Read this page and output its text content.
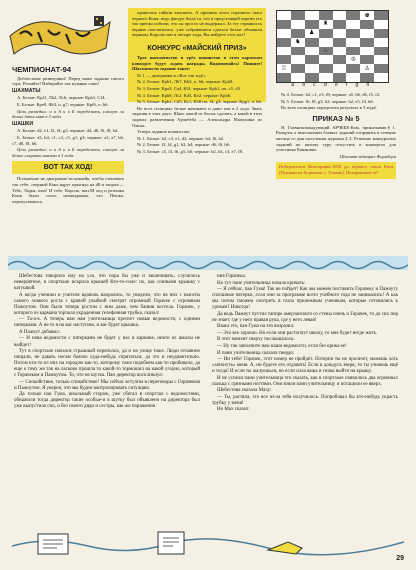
ЧЕМПИОНАТ-94

Доблестные разведчики! Перед вами задание пятого тура. Решайте! Набирайте так нужные очки!

ШАХМАТЫ

А. Белые: Крf1, Лb2, Лс6; черные: Крh1, Сf4.

Б. Белые: Кре8, Фf4, п. g7; черные: Крf6, п. b6.

Цель разведки: и в А и в Б определить, смогут ли белые дать мат в 3 хода.

ШАШКИ

А. Белые: d2, e1, f2, f4, g3; черные: d4, d6, f6, f8, h4.

Б. Белые: а5, b4, с1, с3, с5, g1, g3; черные: а3, а7, b6, с7, d8, f8, h6.

Цель разведки: и в А и в Б определить, смогут ли белые сыграть вничью в 3 хода.

ВОТ ТАК ХОД!

Положение не диаграмме-полуянейк, чтобы отвоевать так себе: «черный Конь вдруг прыгнул на d8 и заорал:— Тебе, Ладья, шах! И тебе, Король, шах!И ход и реплика Коня были столь неожиданны, что Пешка, перепугавшись,

правилась тайком хихикать. А причина этого странного шага черного Коня: ведь фигуре была та, что в предстоящей партии его так крепко побили, что он просто не выдержал. За эту странность черные поплатились: уже собравшиеся сдаться белые объявили черному Королю мат в четыре хода. Вы найдете этот мат?

КОНКУРС «МАЙСКИЙ ПРИЗ»

Трех шахматистов в трёх шашистов в этом коротком конкурсе будут ждать награды. Вадимичайсь! Пишите! Шахматисти задание такое:

№ 1 — диаграмма к «Вот так ход!»

№ 2. Белые: Крh1, Лh7, Кh3, п. h6; черные: Крh8.

№ 3. Белые: Крa3, Сa4, Кf2; черные: Крb1, пп. c5, d3.

№ 4. Белые: Крh8, Лc2, Кd3, Кe2; черные: Крh6.

№ 5. Белые: Крb2, Cd5, Кс1, Кh8 пп. f4, g3; черные: Крg1, п. h6.

Во всех позициях белые начинают и дают мат в 2 хода. Звать задания в этих двух: Шаш, какой из белых сделать, а какой в этих задачах развлечения Арчибеба — Александра Мажукина из Омска.

Теперь задание шашистам:

№ 1. Белые: b2, c3, e1, d2; черные: b4, f6, h2.

№ 2. Белые: f2, f4, g1, h2, h4; черные: d6, f6, h6.

№ 3. Белые: c5, f4, f6, g5, h6; черные: b2, b4, c3, e7, f8.

♚
♜
♟
♞
♔
♖	♙
♘
a b c d e f g h

№ 4. Белые: b2, с1, е3, f8; черные: а5, b6, d6, f5, f2.

№ 5. Белые: f6, f8, g3, h2; черные: b2, е5, f4, h6.

Во всех позициях определить результат в 3 хода!

ПРИКАЗ № 5

Я, Главнокомандующий АРЧЕБЕ-Ком, приказываю:§ 1. Рапорты о выполнении боевых заданий отправить в течение месяца со дня получения журнала.§ 2. Решение конкурсных заданий по пятому туру отпустить в конвертах для участника Кашковке.

Шахмат-адмирал Форнберн

Победителем Викторины-1000 до первого этапа Катя (Пушкин из Хорватии, г. Усмань). Поздравляем её!

Шебестова говорила ему на ухо, что пора бы уже и заканчивать, случилось невероятное, в спортзале искрила крышей Кто-то-силе: их, как сонными крышку с катушкой.

А когда ученики и учителя вдоволь наорались, то увидели, что на них с высоты самого ловкого роста с кривой улыбкой смотрят огромный Горачек с огромным Пажоутом. Они были теперь ростом с ним даже, чем башня костела. Горачек, у которого из кармана торчала украденная телефонная трубка, сказал:

— Та-а-к. А теперь нам нам учительница прочтет новые ведомости, с одними пятерками. А не то я на вас наступлю, и вас будет крышка.

А Пажоут добавил:

— И нова ведомости с пятерками не будет у нас в кармане, никто из школы не выйдет!

Тут в спортзале начался страшный переполох, да и на улице тоже. Люди отчаянно пищали, не давать ногам боязно куда-нибудь спрятаться, да это и неудивительно. Потом кто-то из них на городом как-то, которому тоже подобием как-то пробивало, да еще к тому же так на ласково прошла то какой-то тормошил на какой угодно, который с Горачеком и Пажоутом. То, что не шутка. Пан директор воскликнул:

— Спокойствие, только спокойствие! Мы сейчас вступим в переговоры с Горачеком и Пажоутом. Я уверен, что мы будем контролировать ситуацию.

Да только пан Гума, школьный сторож, уже сбегал в спортзал с ведомостями, обнажили тогда директор такие особые-и в шутку был объявлено на директора был уже выпустила сил, и без своего дяди и сестры, как же поражения

ния Горачека.

Но тут пане учительница начала кричать:

— Я сейчас, пан Гума! Так не пойдет! Как мы можем поставить Горачеку и Пажоуту сплошные пятерки, если они за программе всего учебного года не занимались! А как мы потом сможем смотреть в глаза прилежным ученикам, которые готовились к урокам? Никогда!

Да ведь Пажоут пустил таппре амерзанского со стены очень и Горачек, то до сих пор не знает, где у него правая рука, где у него левая!

Ваши это, пан Гума на это возразил:

— Это все хорошо. Но если они растопчут школу, то мне будет негде жить.

В этот момент сверху послышалось:

— Ну так заполните нам наши ведомости, если без крика ее!

И пани учительница сказала твердо:

— Ни тебе! Горачек, этот номер не пройдёт. Потерпи ты не пролезет, можешь хоть «заткнуть» меня. А, ни будете его отдовать! Если я дождусь зверя, то ты узнаешь ещё и тогда! И если ты жалуешься, но если сила ваша и снова выйти на крышу.

И не успели пани учительница это сказать, как в спортзале появились два огромных пальца с грязными ногтями. Они взяли пани учительницу и потащили ее вверх.

Шебестова сказала Маху:

— Ты, растяпа, это все из-за тебя получилось. Попробовал бы кто-нибудь украсть трубку у меня!

Но Мах сказал:

29
